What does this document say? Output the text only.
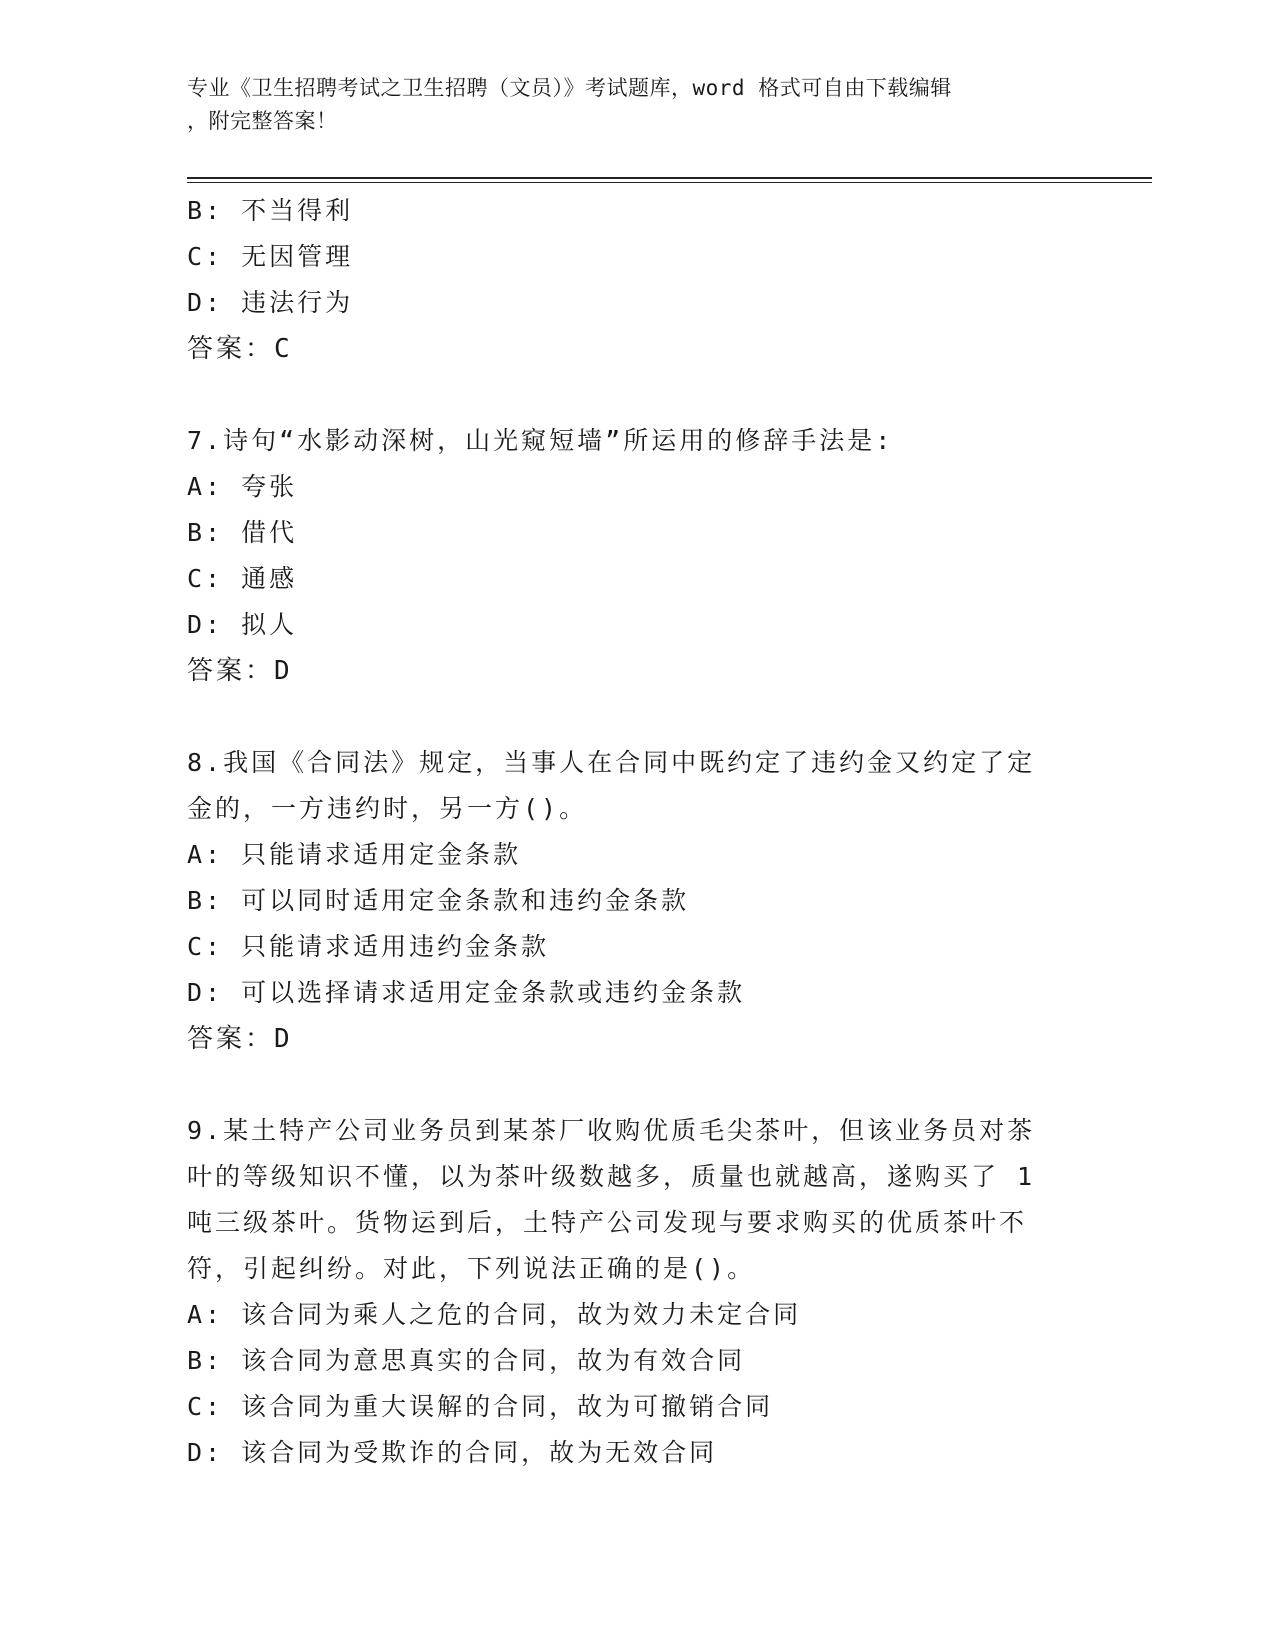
专业《卫生招聘考试之卫生招聘（文员）》考试题库，word 格式可自由下载编辑
，附完整答案！
B: 不当得利
C: 无因管理
D: 违法行为
答案：C
7.诗句“水影动深树，山光窥短墙”所运用的修辞手法是:
A: 夸张
B: 借代
C: 通感
D: 拟人
答案：D
8.我国《合同法》规定，当事人在合同中既约定了违约金又约定了定
金的，一方违约时，另一方()。
A: 只能请求适用定金条款
B: 可以同时适用定金条款和违约金条款
C: 只能请求适用违约金条款
D: 可以选择请求适用定金条款或违约金条款
答案：D
9.某土特产公司业务员到某茶厂收购优质毛尖茶叶，但该业务员对茶
叶的等级知识不懂，以为茶叶级数越多，质量也就越高，遂购买了 1
吨三级茶叶。货物运到后，土特产公司发现与要求购买的优质茶叶不
符，引起纠纷。对此，下列说法正确的是()。
A: 该合同为乘人之危的合同，故为效力未定合同
B: 该合同为意思真实的合同，故为有效合同
C: 该合同为重大误解的合同，故为可撤销合同
D: 该合同为受欺诈的合同，故为无效合同
